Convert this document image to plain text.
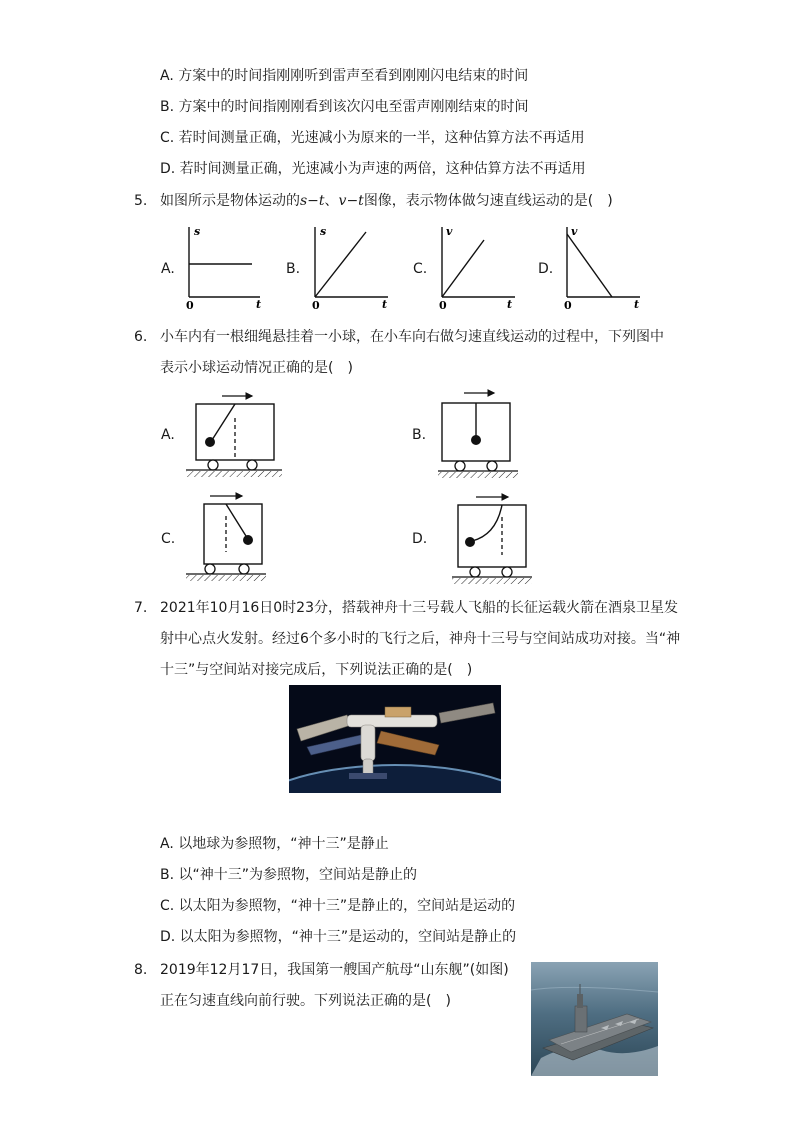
A. 方案中的时间指刚刚听到雷声至看到刚刚闪电结束的时间
B. 方案中的时间指刚刚看到该次闪电至雷声刚刚结束的时间
C. 若时间测量正确，光速减小为原来的一半，这种估算方法不再适用
D. 若时间测量正确，光速减小为声速的两倍，这种估算方法不再适用
5. 如图所示是物体运动的s−t、v−t图像，表示物体做匀速直线运动的是(　)
A.	B.	C.	D.
s
t
0
s
t
0
v
t
0
v
t
0
6. 小车内有一根细绳悬挂着一小球，在小车向右做匀速直线运动的过程中，下列图中
表示小球运动情况正确的是(　)
A.	B.
C.	D.
7. 2021年10月16日0时23分，搭载神舟十三号载人飞船的长征运载火箭在酒泉卫星发
射中心点火发射。经过6个多小时的飞行之后，神舟十三号与空间站成功对接。当“神
十三”与空间站对接完成后，下列说法正确的是(　)
A. 以地球为参照物，“神十三”是静止
B. 以“神十三”为参照物，空间站是静止的
C. 以太阳为参照物，“神十三”是静止的，空间站是运动的
D. 以太阳为参照物，“神十三”是运动的，空间站是静止的
8. 2019年12月17日，我国第一艘国产航母“山东舰”(如图)
正在匀速直线向前行驶。下列说法正确的是(　)
